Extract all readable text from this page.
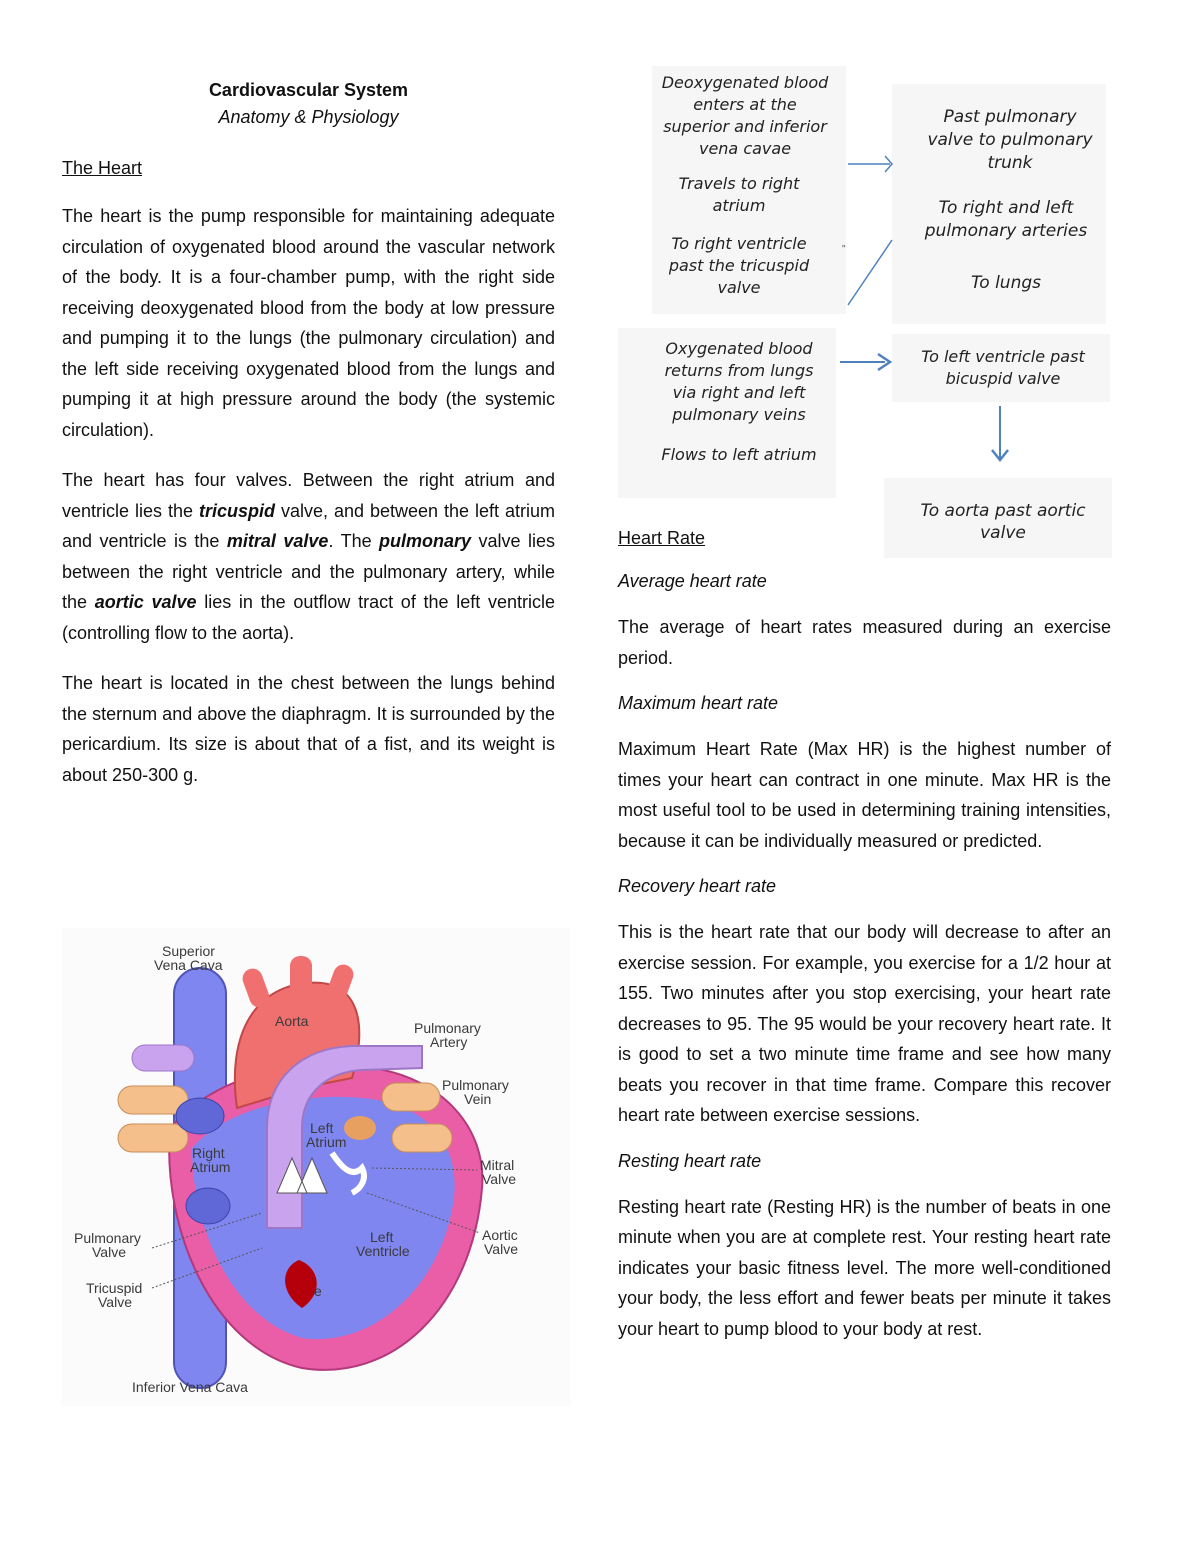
Cardiovascular System
Anatomy & Physiology
The Heart

The heart is the pump responsible for maintaining adequate circulation of oxygenated blood around the vascular network of the body. It is a four-chamber pump, with the right side receiving deoxygenated blood from the body at low pressure and pumping it to the lungs (the pulmonary circulation) and the left side receiving oxygenated blood from the lungs and pumping it at high pressure around the body (the systemic circulation).

The heart has four valves. Between the right atrium and ventricle lies the tricuspid valve, and between the left atrium and ventricle is the mitral valve. The pulmonary valve lies between the right ventricle and the pulmonary artery, while the aortic valve lies in the outflow tract of the left ventricle (controlling flow to the aorta).

The heart is located in the chest between the lungs behind the sternum and above the diaphragm. It is surrounded by the pericardium. Its size is about that of a fist, and its weight is about 250-300 g.

Superior
Vena Cava
Aorta	Pulmonary
Artery
Pulmonary
Vein
Left
Atrium
Right
Atrium	Mitral
Valve
Left
Ventricle
Aortic
Valve
Pulmonary
Valve
Tricuspid
Valve
e
Inferior Vena Cava
Deoxygenated blood
enters at the
superior and inferior
vena cavae
Travels to right
atrium
To right ventricle
past the tricuspid
valve
Past pulmonary
valve to pulmonary
trunk
To right and left
pulmonary arteries
To lungs
Oxygenated blood
returns from lungs
via right and left
pulmonary veins
Flows to left atrium
To left ventricle past
bicuspid valve
To aorta past aortic
valve
"
Heart Rate
Average heart rate

The average of heart rates measured during an exercise period.

Maximum heart rate

Maximum Heart Rate (Max HR) is the highest number of times your heart can contract in one minute. Max HR is the most useful tool to be used in determining training intensities, because it can be individually measured or predicted.

Recovery heart rate

This is the heart rate that our body will decrease to after an exercise session. For example, you exercise for a 1/2 hour at 155. Two minutes after you stop exercising, your heart rate decreases to 95. The 95 would be your recovery heart rate. It is good to set a two minute time frame and see how many beats you recover in that time frame. Compare this recover heart rate between exercise sessions.

Resting heart rate

Resting heart rate (Resting HR) is the number of beats in one minute when you are at complete rest. Your resting heart rate indicates your basic fitness level. The more well-conditioned your body, the less effort and fewer beats per minute it takes your heart to pump blood to your body at rest.
